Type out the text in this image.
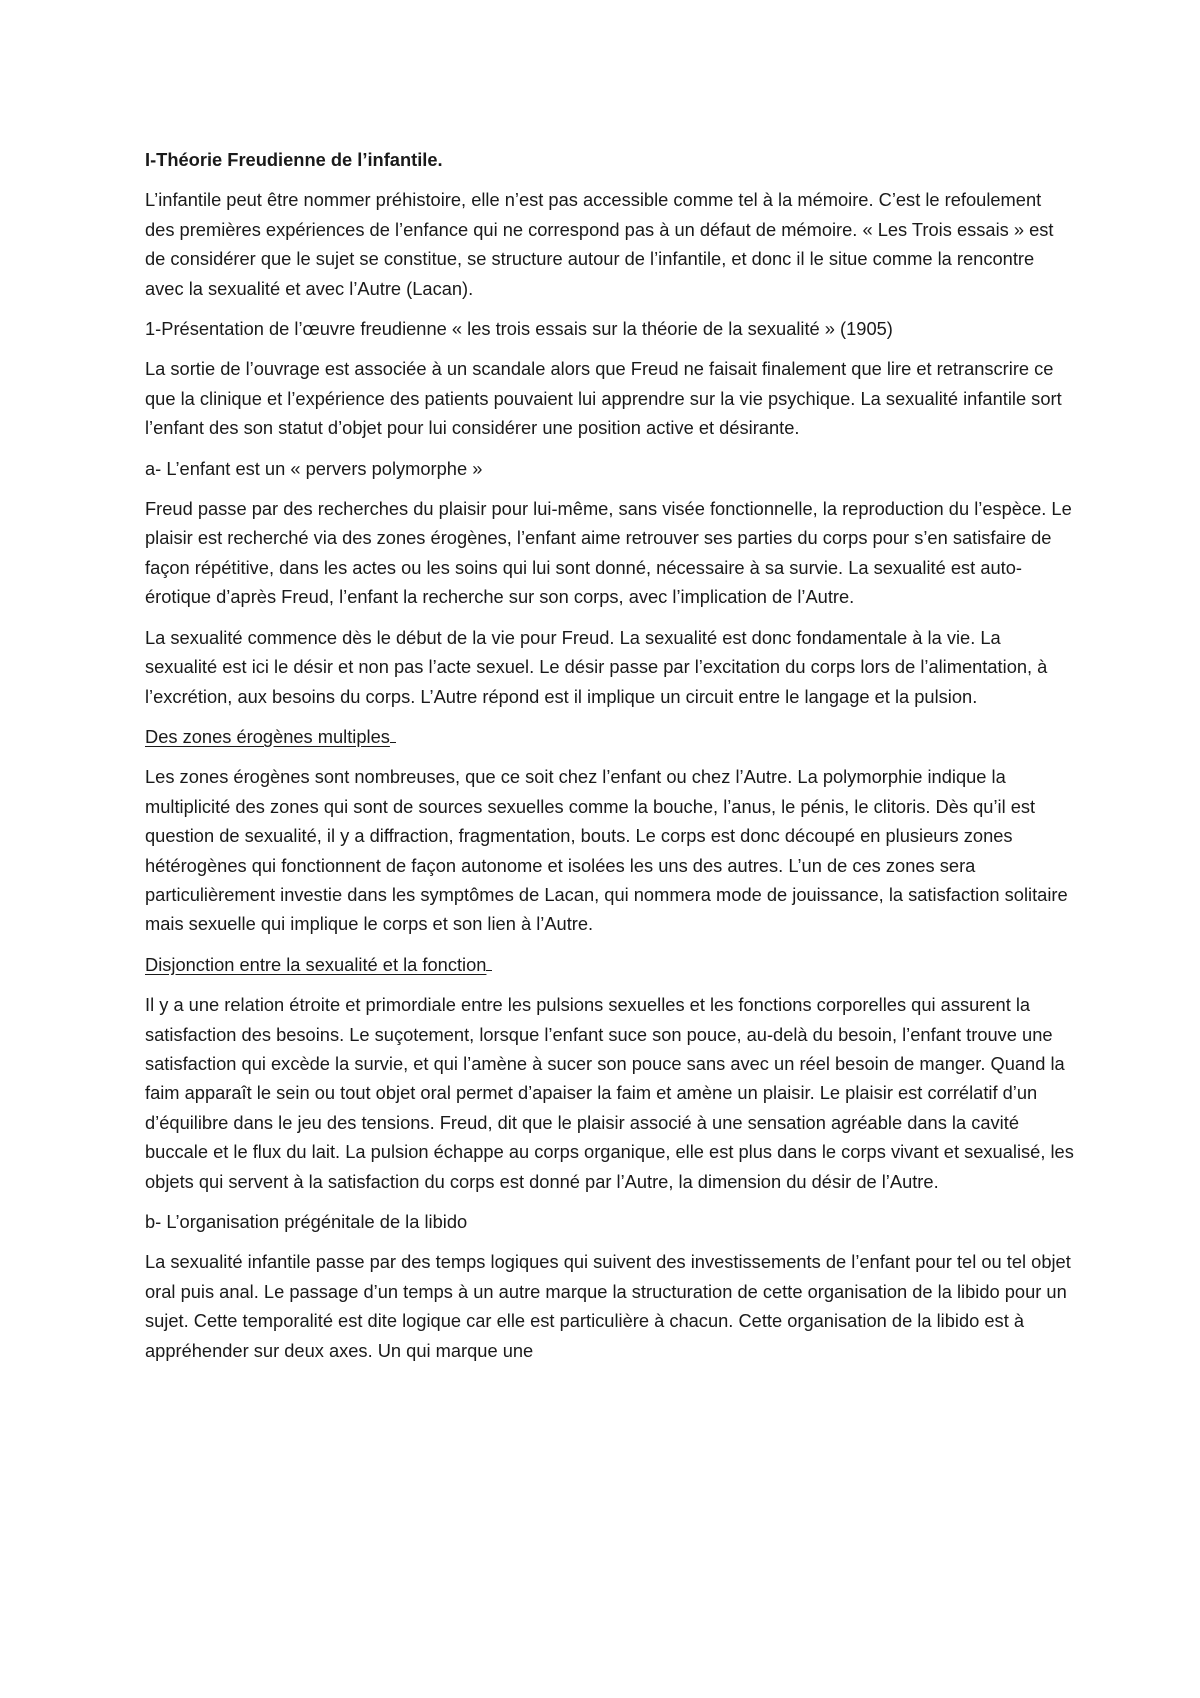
I-Théorie Freudienne de l’infantile.

L’infantile peut être nommer préhistoire, elle n’est pas accessible comme tel à la mémoire. C’est le refoulement des premières expériences de l’enfance qui ne correspond pas à un défaut de mémoire. « Les Trois essais » est de considérer que le sujet se constitue, se structure autour de l’infantile, et donc il le situe comme la rencontre avec la sexualité et avec l’Autre (Lacan).

1-Présentation de l’œuvre freudienne « les trois essais sur la théorie de la sexualité » (1905)

La sortie de l’ouvrage est associée à un scandale alors que Freud ne faisait finalement que lire et retranscrire ce que la clinique et l’expérience des patients pouvaient lui apprendre sur la vie psychique. La sexualité infantile sort l’enfant des son statut d’objet pour lui considérer une position active et désirante.

a- L’enfant est un « pervers polymorphe »

Freud passe par des recherches du plaisir pour lui-même, sans visée fonctionnelle, la reproduction du l’espèce. Le plaisir est recherché via des zones érogènes, l’enfant aime retrouver ses parties du corps pour s’en satisfaire de façon répétitive, dans les actes ou les soins qui lui sont donné, nécessaire à sa survie. La sexualité est auto-érotique d’après Freud, l’enfant la recherche sur son corps, avec l’implication de l’Autre.

La sexualité commence dès le début de la vie pour Freud. La sexualité est donc fondamentale à la vie. La sexualité est ici le désir et non pas l’acte sexuel. Le désir passe par l’excitation du corps lors de l’alimentation, à l’excrétion, aux besoins du corps. L’Autre répond est il implique un circuit entre le langage et la pulsion.

Des zones érogènes multiples

Les zones érogènes sont nombreuses, que ce soit chez l’enfant ou chez l’Autre. La polymorphie indique la multiplicité des zones qui sont de sources sexuelles comme la bouche, l’anus, le pénis, le clitoris. Dès qu’il est question de sexualité, il y a diffraction, fragmentation, bouts. Le corps est donc découpé en plusieurs zones hétérogènes qui fonctionnent de façon autonome et isolées les uns des autres. L’un de ces zones sera particulièrement investie dans les symptômes de Lacan, qui nommera mode de jouissance, la satisfaction solitaire mais sexuelle qui implique le corps et son lien à l’Autre.

Disjonction entre la sexualité et la fonction

Il y a une relation étroite et primordiale entre les pulsions sexuelles et les fonctions corporelles qui assurent la satisfaction des besoins. Le suçotement, lorsque l’enfant suce son pouce, au-delà du besoin, l’enfant trouve une satisfaction qui excède la survie, et qui l’amène à sucer son pouce sans avec un réel besoin de manger. Quand la faim apparaît le sein ou tout objet oral permet d’apaiser la faim et amène un plaisir. Le plaisir est corrélatif d’un d’équilibre dans le jeu des tensions. Freud, dit que le plaisir associé à une sensation agréable dans la cavité buccale et le flux du lait. La pulsion échappe au corps organique, elle est plus dans le corps vivant et sexualisé, les objets qui servent à la satisfaction du corps est donné par l’Autre, la dimension du désir de l’Autre.

b- L’organisation prégénitale de la libido

La sexualité infantile passe par des temps logiques qui suivent des investissements de l’enfant pour tel ou tel objet oral puis anal. Le passage d’un temps à un autre marque la structuration de cette organisation de la libido pour un sujet. Cette temporalité est dite logique car elle est particulière à chacun. Cette organisation de la libido est à appréhender sur deux axes. Un qui marque une
